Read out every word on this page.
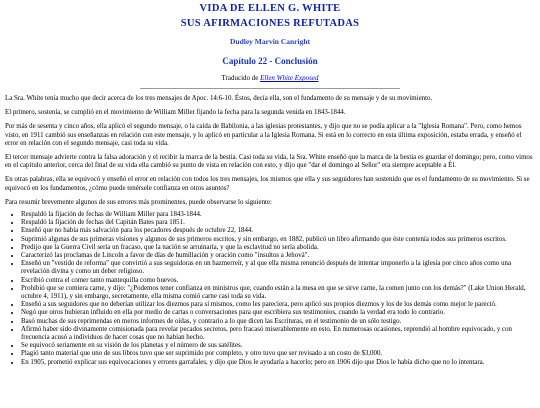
VIDA DE ELLEN G. WHITE
SUS AFIRMACIONES REFUTADAS
Dudley Marvin Canright
Capítulo 22 - Conclusión
Traducido de Ellen White Exposed

La Sra. White tenía mucho que decir acerca de los tres mensajes de Apoc. 14:6-10. Éstos, decía ella, son el fundamento de su mensaje y de su movimiento.

El primero, sostenía, se cumplió en el movimiento de William Miller fijando la fecha para la segunda venida en 1843-1844.

Por más de sesenta y cinco años, ella aplicó el segundo mensaje, o la caída de Babilonia, a las iglesias protestantes, y dijo que no se podía aplicar a la "Iglesia Romana". Pero, como hemos visto, en 1911 cambió sus enseñanzas en relación con este mensaje, y lo aplicó en particular a la Iglesia Romana. Si está en lo correcto en esta última exposición, estaba errada, y enseñó el error en relación con el segundo mensaje, casi toda su vida.

El tercer mensaje advierte contra la falsa adoración y el recibir la marca de la bestia. Casi toda su vida, la Sra. White enseñó que la marca de la bestia es guardar el domingo; pero, como vimos en el capítulo anterior, cerca del final de su vida ella cambió su punto de vista en relación con esto, y dijo que "dar el domingo al Señor" era siempre aceptable a Él.

En otras palabras, ella se equivocó y enseñó el error en relación con todos los tres mensajes, los mismos que ella y sus seguidores han sostenido que es el fundamento de su movimiento. Si se equivocó en los fundamentos, ¿cómo puede tenérsele confianza en otros asuntos?

Para resumir brevemente algunos de sus errores más prominentes, puede observarse lo siguiente:

• Respaldó la fijación de fechas de William Miller para 1843-1844.
• Respaldó la fijación de fechas del Capitán Bates para 1851.
• Enseñó que no había más salvación para los pecadores después de octubre 22, 1844.
• Suprimió algunas de sus primeras visiones y algunos de sus primeros escritos, y sin embargo, en 1882, publicó un libro afirmando que éste contenía todos sus primeros escritos.
• Predijo que la Guerra Civil sería un fracaso, que la nación se arruinaría, y que la esclavitud no sería abolida.
• Caracterizó las proclamas de Lincoln a favor de días de humillación y oración como "insultos a Jehová".
• Enseñó un "vestido de reforma" que convirtió a sus seguidoras en un hazmerreír, y al que ella misma renunció después de intentar imponerlo a la iglesia por cinco años como una revelación divina y como un deber religioso.
• Escribió contra el comer tanto mantequilla como huevos.
• Prohibió que se comiera carne, y dijo: "¿Podemos tener confianza en ministros que, cuando están a la mesa en que se sirve carne, la comen junto con los demás?" (Lake Union Herald, octubre 4, 1911), y sin embargo, secretamente, ella misma comió carne casi toda su vida.
• Enseñó a sus seguidores que no deberían utilizar los diezmos para sí mismos, como les pareciera, pero aplicó sus propios diezmos y los de los demás como mejor le pareció.
• Negó que otros hubieran influido en ella por medio de cartas o conversaciones para que escribiera sus testimonios, cuando la verdad era todo lo contrario.
• Basó muchas de sus reprimendas en meros informes de oídas, y contrario a lo que dicen las Escrituras, en el testimonio de un sólo testigo.
• Afirmó haber sido divinamente comisionada para revelar pecados secretos, pero fracasó miserablemente en esto. En numerosas ocasiones, reprendió al hombre equivocado, y con frecuencia acusó a individuos de hacer cosas que no habían hecho.
• Se equivocó seriamente en su visión de los planetas y el número de sus satélites.
• Plagió tanto material que uno de sus libros tuvo que ser suprimido por completo, y otro tuvo que ser revisado a un costo de $3,000.
• En 1905, prometió explicar sus equivocaciones y errores garrafales, y dijo que Dios le ayudaría a hacerlo; pero en 1906 dijo que Dios le había dicho que no lo intentara.
